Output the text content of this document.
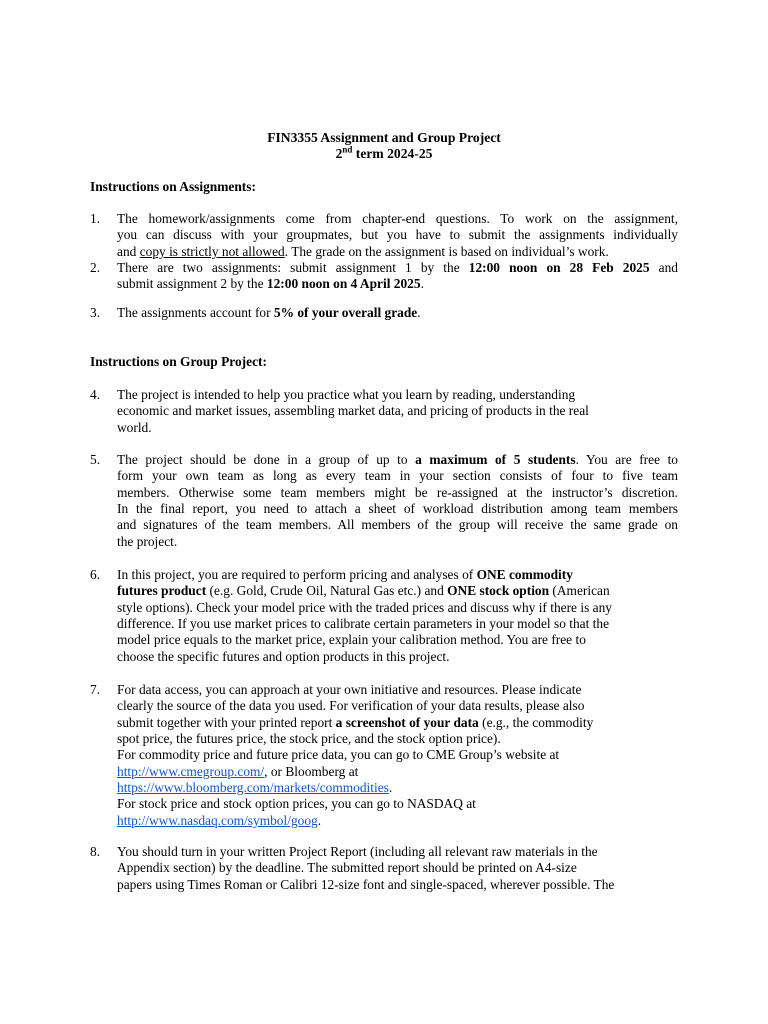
FIN3355 Assignment and Group Project
2nd term 2024-25
Instructions on Assignments:
1. The homework/assignments come from chapter-end questions. To work on the assignment,
you can discuss with your groupmates, but you have to submit the assignments individually
and copy is strictly not allowed. The grade on the assignment is based on individual’s work.
2. There are two assignments: submit assignment 1 by the 12:00 noon on 28 Feb 2025 and
submit assignment 2 by the 12:00 noon on 4 April 2025.
3. The assignments account for 5% of your overall grade.
Instructions on Group Project:
4. The project is intended to help you practice what you learn by reading, understanding
economic and market issues, assembling market data, and pricing of products in the real
world.
5. The project should be done in a group of up to a maximum of 5 students. You are free to
form your own team as long as every team in your section consists of four to five team
members. Otherwise some team members might be re-assigned at the instructor’s discretion.
In the final report, you need to attach a sheet of workload distribution among team members
and signatures of the team members. All members of the group will receive the same grade on
the project.
6. In this project, you are required to perform pricing and analyses of ONE commodity
futures product (e.g. Gold, Crude Oil, Natural Gas etc.) and ONE stock option (American
style options). Check your model price with the traded prices and discuss why if there is any
difference. If you use market prices to calibrate certain parameters in your model so that the
model price equals to the market price, explain your calibration method. You are free to
choose the specific futures and option products in this project.
7. For data access, you can approach at your own initiative and resources. Please indicate
clearly the source of the data you used. For verification of your data results, please also
submit together with your printed report a screenshot of your data (e.g., the commodity
spot price, the futures price, the stock price, and the stock option price).
For commodity price and future price data, you can go to CME Group’s website at
http://www.cmegroup.com/, or Bloomberg at
https://www.bloomberg.com/markets/commodities.
For stock price and stock option prices, you can go to NASDAQ at
http://www.nasdaq.com/symbol/goog.
8. You should turn in your written Project Report (including all relevant raw materials in the
Appendix section) by the deadline. The submitted report should be printed on A4-size
papers using Times Roman or Calibri 12-size font and single-spaced, wherever possible. The
